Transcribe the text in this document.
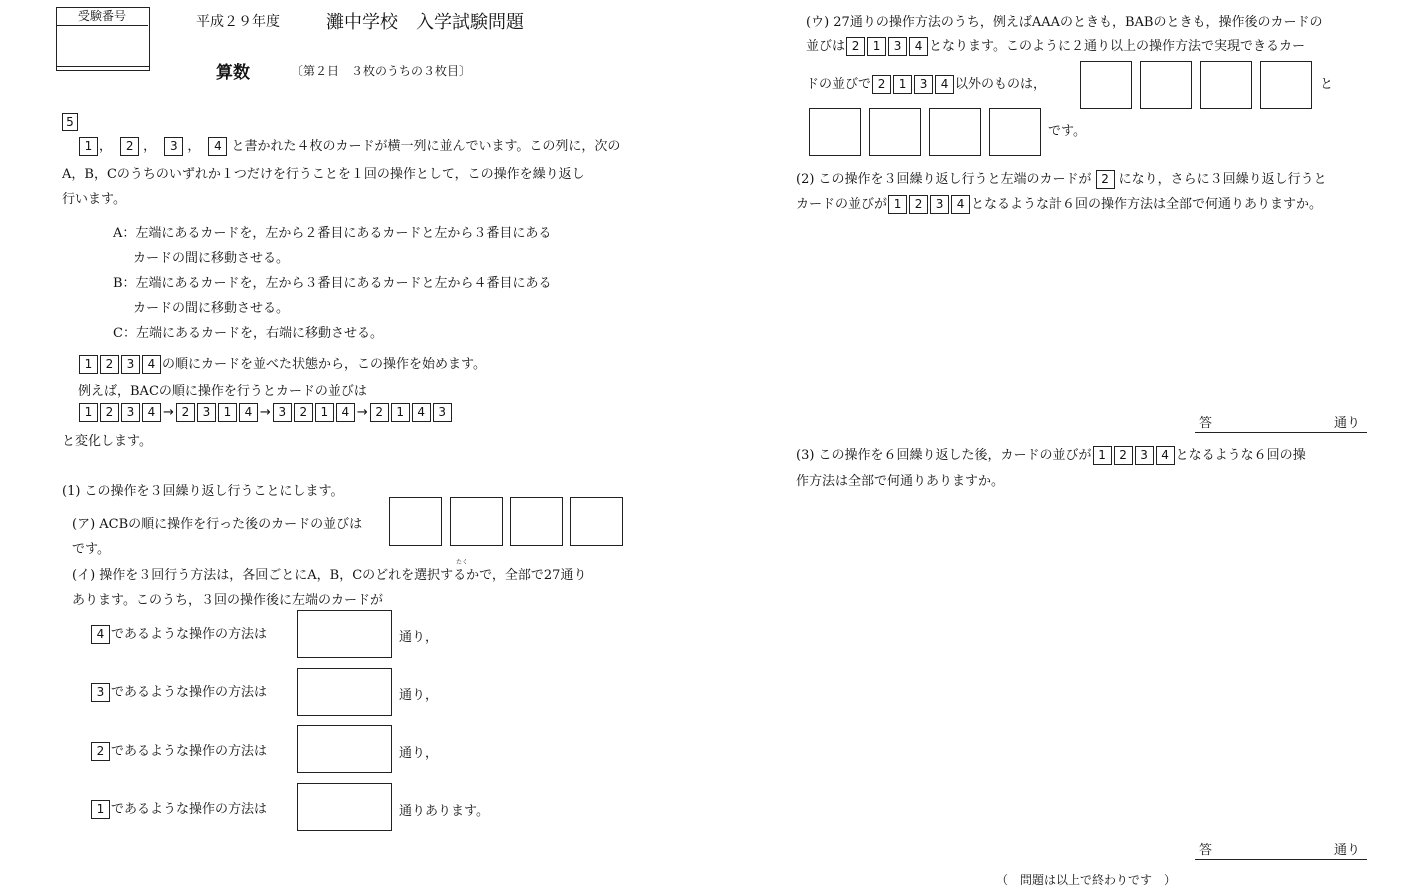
受験番号	平成２９年度	灘中学校　入学試験問題
算数	〔第２日　３枚のうちの３枚目〕
5
1 ， 2 ， 3 ， 4 と書かれた４枚のカードが横一列に並んでいます。この列に，次の
A，B，Cのうちのいずれか１つだけを行うことを１回の操作として，この操作を繰り返し
行います。
A：左端にあるカードを，左から２番目にあるカードと左から３番目にある
カードの間に移動させる。
B：左端にあるカードを，左から３番目にあるカードと左から４番目にある
カードの間に移動させる。
C：左端にあるカードを，右端に移動させる。
1 2 3 4 の順にカードを並べた状態から，この操作を始めます。
例えば，BACの順に操作を行うとカードの並びは
1 2 3 4 → 2 3 1 4 → 3 2 1 4 → 2 1 4 3
と変化します。
(1) この操作を３回繰り返し行うことにします。
(ア) ACBの順に操作を行った後のカードの並びは
です。
たく
(イ) 操作を３回行う方法は，各回ごとにA，B，Cのどれを選択するかで，全部で27通り
あります。このうち，３回の操作後に左端のカードが
4 であるような操作の方法は	通り，
3 であるような操作の方法は	通り，
2 であるような操作の方法は	通り，
1 であるような操作の方法は	通りあります。
(ウ) 27通りの操作方法のうち，例えばAAAのときも，BABのときも，操作後のカードの
並びは 2 1 3 4 となります。このように２通り以上の操作方法で実現できるカー
ドの並びで 2 1 3 4 以外のものは，	と
です。
(2) この操作を３回繰り返し行うと左端のカードが 2 になり，さらに３回繰り返し行うと
カードの並びが 1 2 3 4 となるような計６回の操作方法は全部で何通りありますか。
答	通り
(3) この操作を６回繰り返した後，カードの並びが 1 2 3 4 となるような６回の操
作方法は全部で何通りありますか。
答	通り
（　問題は以上で終わりです　）
